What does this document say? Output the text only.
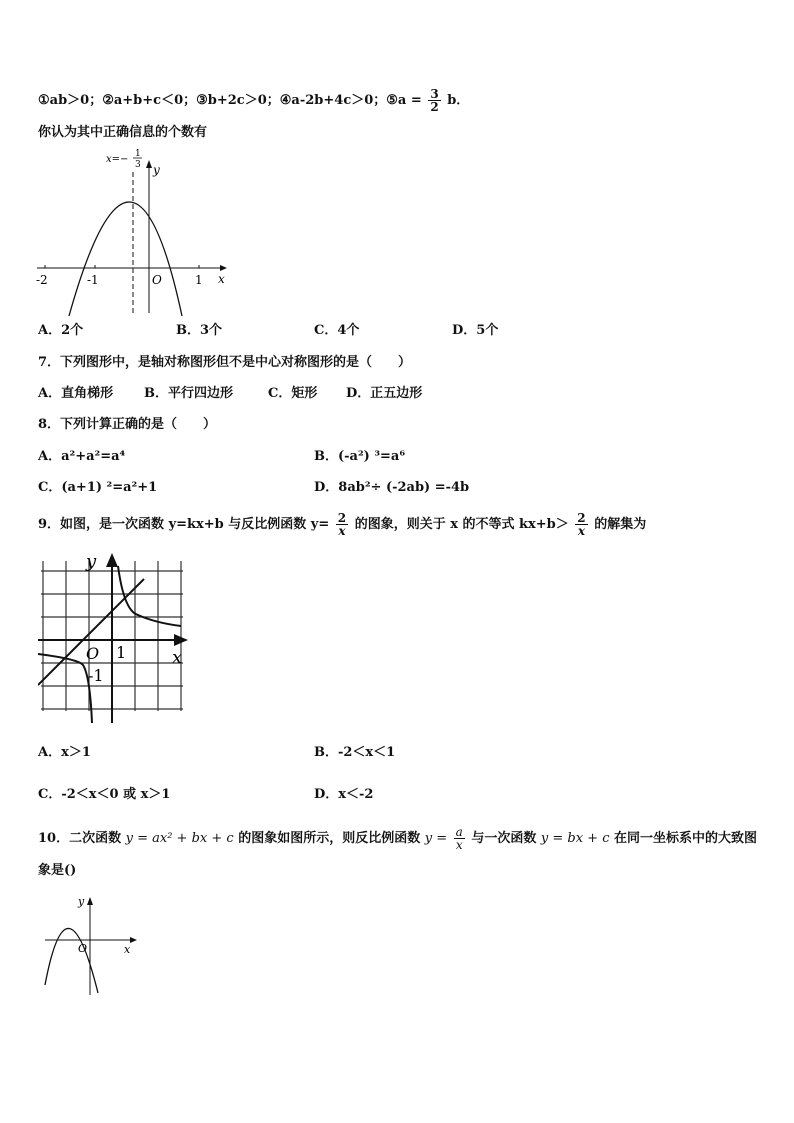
①ab＞0；②a+b+c＜0；③b+2c＞0；④a-2b+4c＞0；⑤a = $\frac{3}{2}$ b．
你认为其中正确信息的个数有
-2	-1	1
O	x
y
x=− 1
3
A．2个	B．3个	C．4个	D．5个
7．下列图形中，是轴对称图形但不是中心对称图形的是（　　）
A．直角梯形 B．平行四边形	C．矩形 D．正五边形
8．下列计算正确的是（　　）
A．a²+a²=a⁴	B．(-a²) ³=a⁶
C．(a+1) ²=a²+1	D．8ab²÷ (-2ab) =-4b
9．如图，是一次函数 y=kx+b 与反比例函数 $y= \frac{2}{x}$ 的图象，则关于 x 的不等式 $kx+b> \frac{2}{x}$ 的解集为
y
x
O 1
-1
A．x＞1	B．-2＜x＜1
C．-2＜x＜0 或 x＞1	D．x＜-2
10．二次函数 y = ax² + bx + c 的图象如图所示，则反比例函数 $y = \frac{a}{x}$ 与一次函数 y = bx + c 在同一坐标系中的大致图
象是()
y
x
O
